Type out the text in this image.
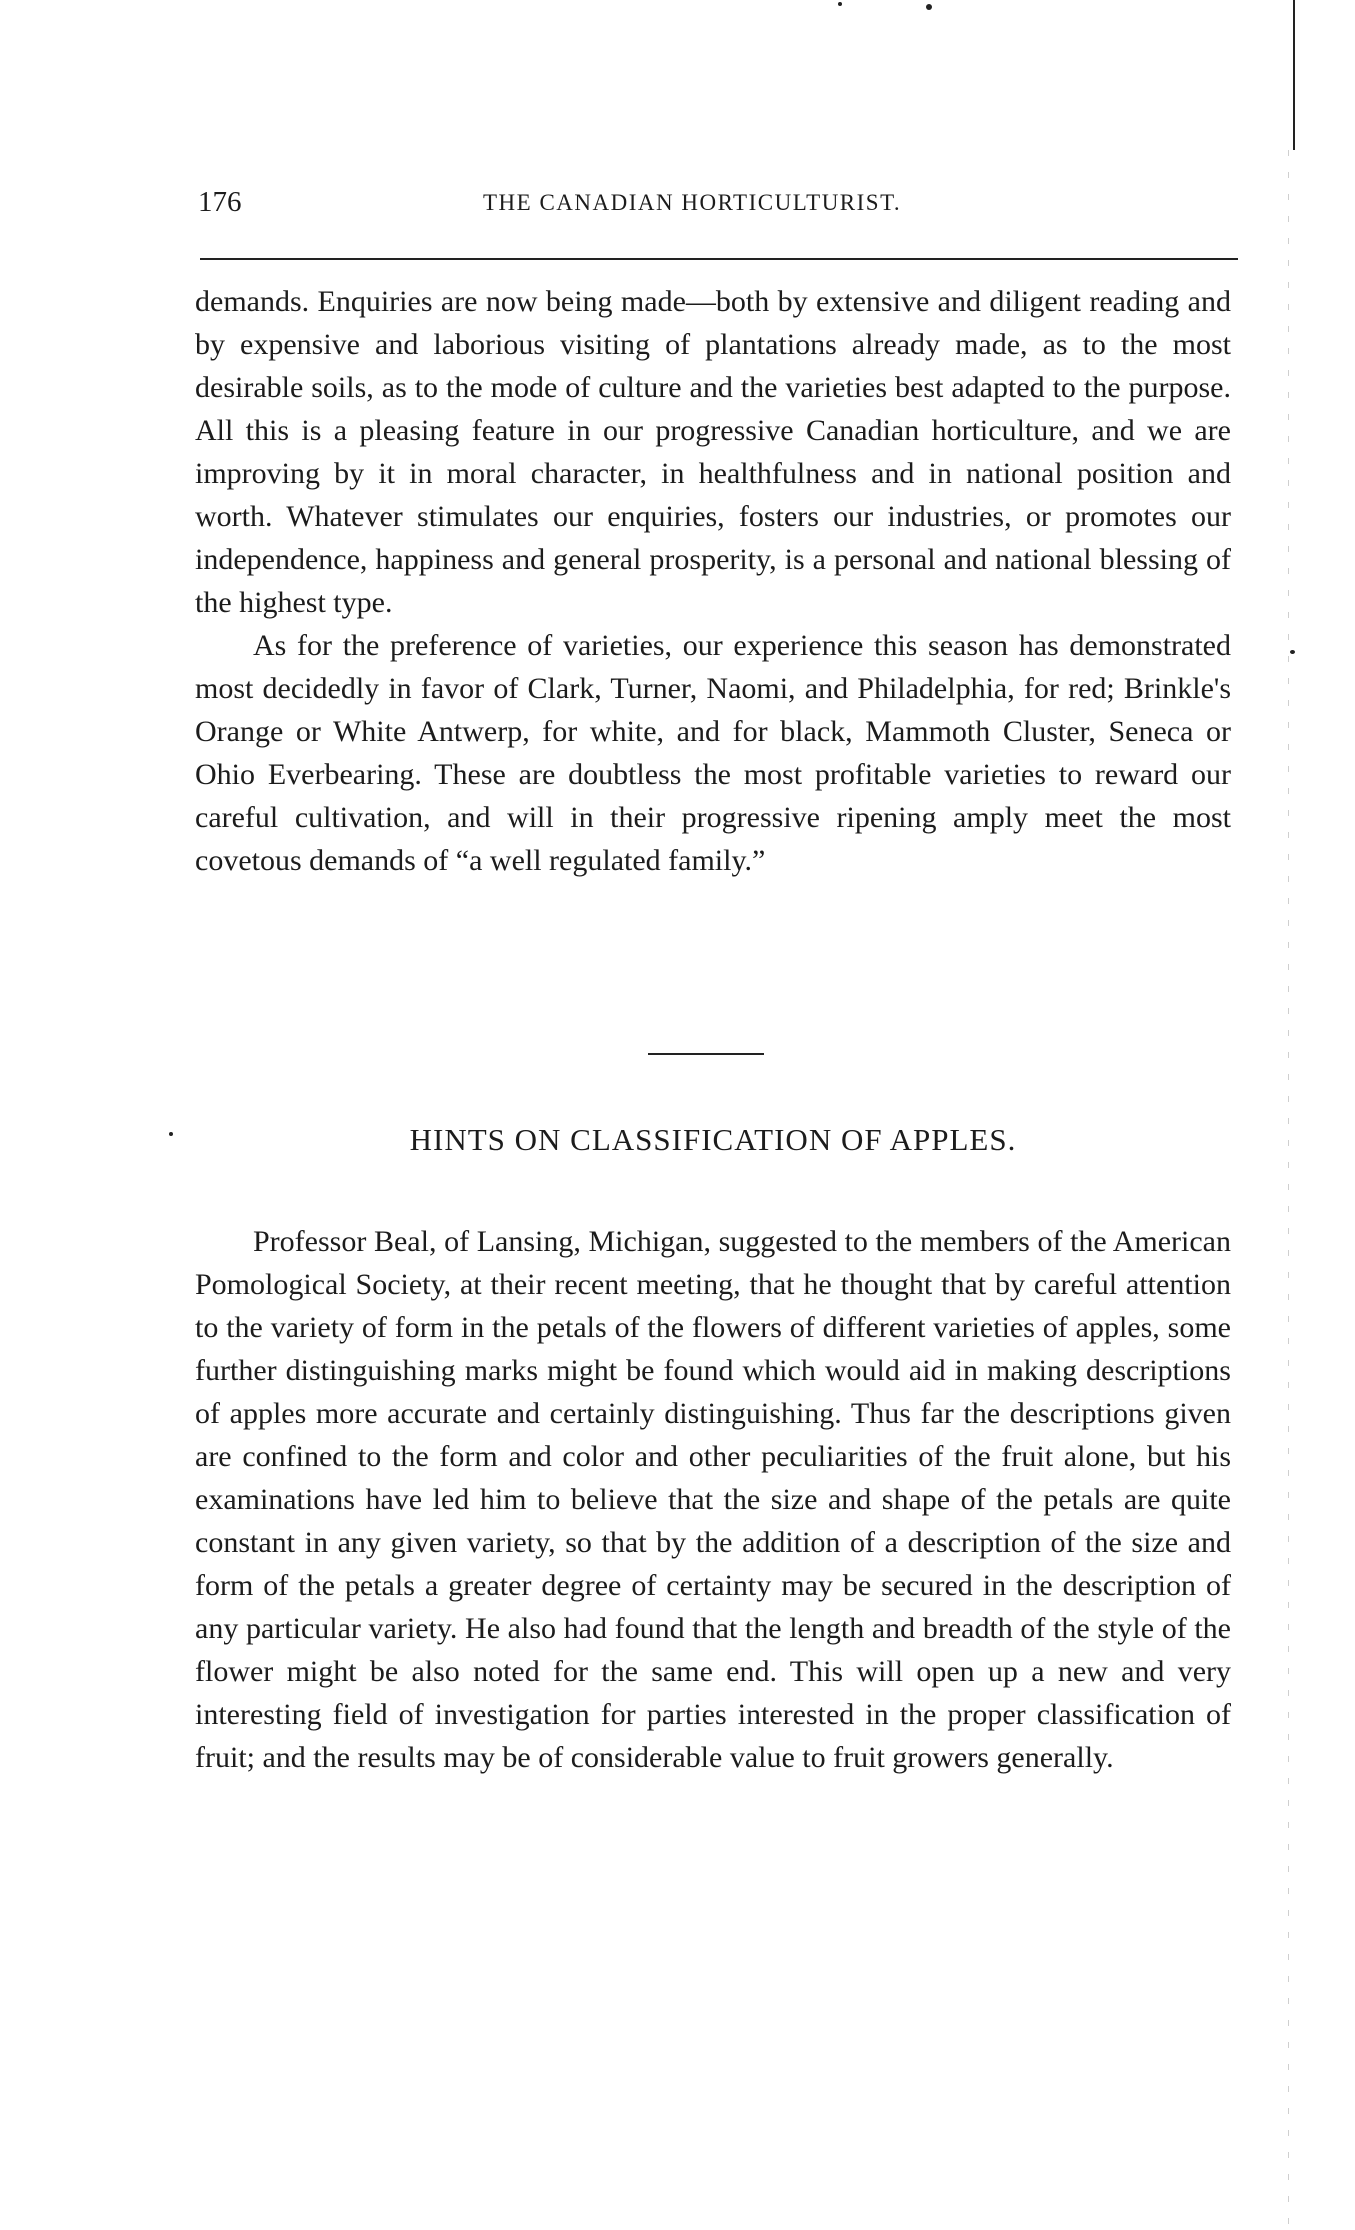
176	THE CANADIAN HORTICULTURIST.

demands. Enquiries are now being made—both by extensive and diligent reading and by expensive and laborious visiting of plantations already made, as to the most desirable soils, as to the mode of culture and the varieties best adapted to the purpose. All this is a pleasing feature in our progressive Canadian horticulture, and we are improving by it in moral character, in healthfulness and in national position and worth. Whatever stimulates our enquiries, fosters our industries, or promotes our independence, happiness and general prosperity, is a personal and national blessing of the highest type.

As for the preference of varieties, our experience this season has demonstrated most decidedly in favor of Clark, Turner, Naomi, and Philadelphia, for red; Brinkle's Orange or White Antwerp, for white, and for black, Mammoth Cluster, Seneca or Ohio Everbearing. These are doubtless the most profitable varieties to reward our careful cultivation, and will in their progressive ripening amply meet the most covetous demands of “a well regulated family.”

HINTS ON CLASSIFICATION OF APPLES.

Professor Beal, of Lansing, Michigan, suggested to the members of the American Pomological Society, at their recent meeting, that he thought that by careful attention to the variety of form in the petals of the flowers of different varieties of apples, some further distinguishing marks might be found which would aid in making descriptions of apples more accurate and certainly distinguishing. Thus far the descriptions given are confined to the form and color and other peculiarities of the fruit alone, but his examinations have led him to believe that the size and shape of the petals are quite constant in any given variety, so that by the addition of a description of the size and form of the petals a greater degree of certainty may be secured in the description of any particular variety. He also had found that the length and breadth of the style of the flower might be also noted for the same end. This will open up a new and very interesting field of investigation for parties interested in the proper classification of fruit; and the results may be of considerable value to fruit growers generally.
